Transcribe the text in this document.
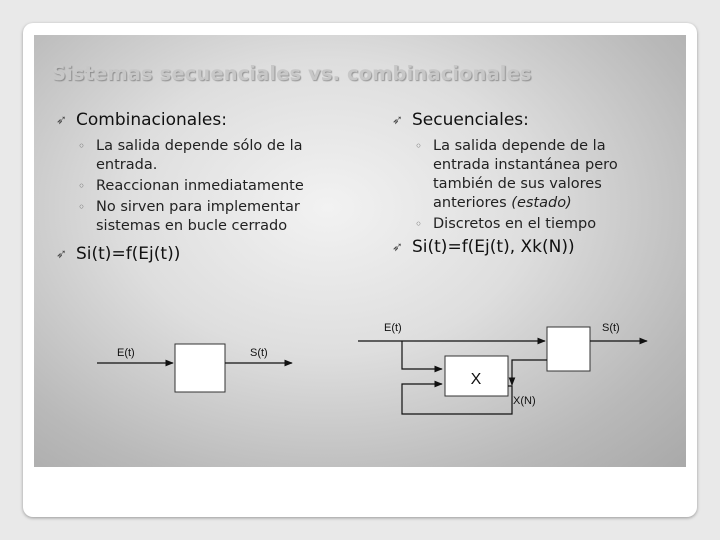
Sistemas secuenciales vs. combinacionales
➶ Combinacionales:
◦ La salida depende sólo de la entrada.
◦ Reaccionan inmediatamente
◦ No sirven para implementar sistemas en bucle cerrado
➶ Si(t)=f(Ej(t))
➶ Secuenciales:
◦ La salida depende de la entrada instantánea pero también de sus valores anteriores (estado)
◦ Discretos en el tiempo
➶ Si(t)=f(Ej(t), Xk(N))
E(t)	S(t)
X
E(t)	S(t)
X(N)
